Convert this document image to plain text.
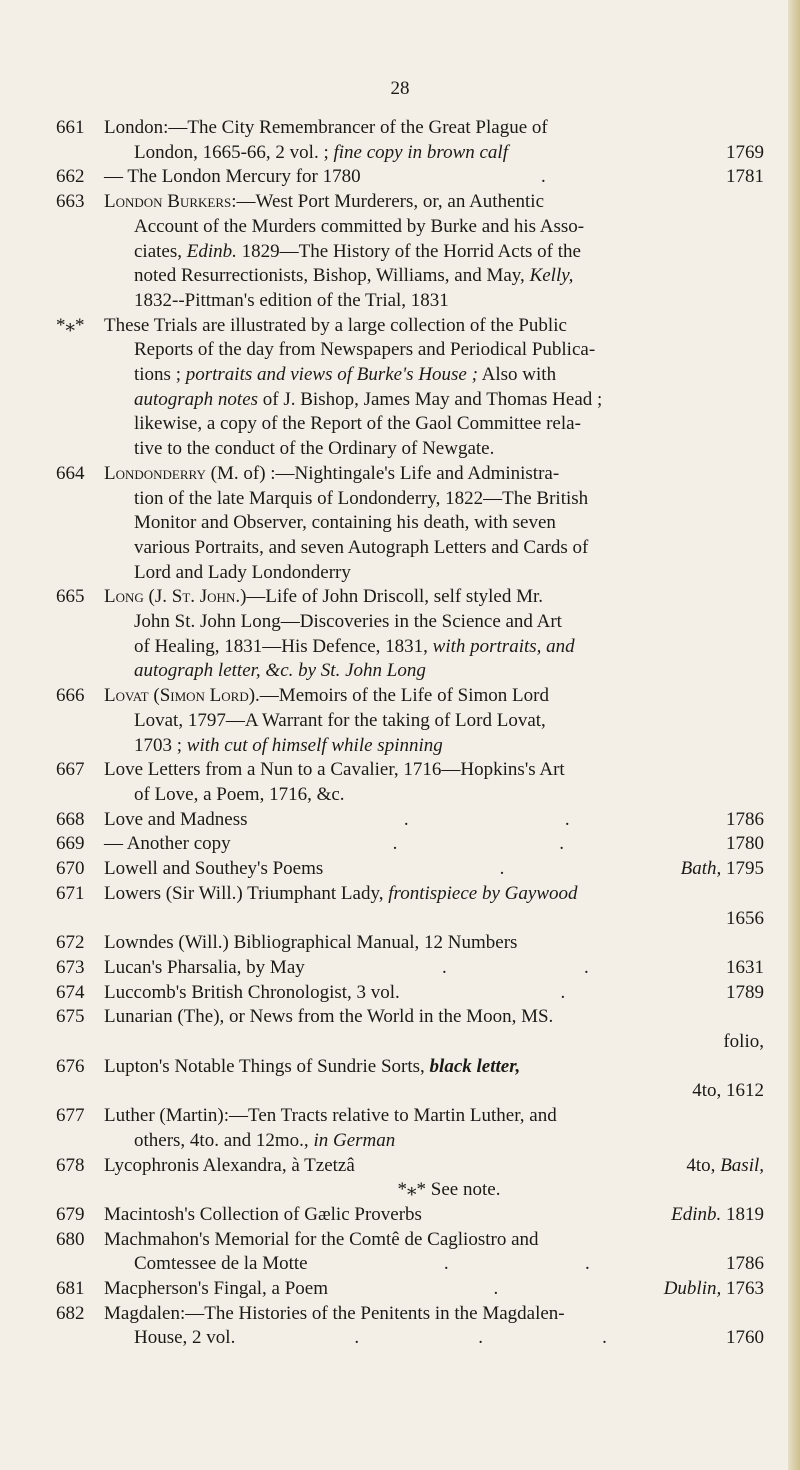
28
661 London:—The City Remembrancer of the Great Plague of
London, 1665-66, 2 vol. ; fine copy in brown calf	1769
662 — The London Mercury for 1780	.	1781
663 London Burkers:—West Port Murderers, or, an Authentic
Account of the Murders committed by Burke and his Asso-
ciates, Edinb. 1829—The History of the Horrid Acts of the
noted Resurrectionists, Bishop, Williams, and May, Kelly,
1832--Pittman's edition of the Trial, 1831
*⁎* These Trials are illustrated by a large collection of the Public
Reports of the day from Newspapers and Periodical Publica-
tions ; portraits and views of Burke's House ; Also with
autograph notes of J. Bishop, James May and Thomas Head ;
likewise, a copy of the Report of the Gaol Committee rela-
tive to the conduct of the Ordinary of Newgate.
664 Londonderry (M. of) :—Nightingale's Life and Administra-
tion of the late Marquis of Londonderry, 1822—The British
Monitor and Observer, containing his death, with seven
various Portraits, and seven Autograph Letters and Cards of
Lord and Lady Londonderry
665 Long (J. St. John.)—Life of John Driscoll, self styled Mr.
John St. John Long—Discoveries in the Science and Art
of Healing, 1831—His Defence, 1831, with portraits, and
autograph letter, &c. by St. John Long
666 Lovat (Simon Lord).—Memoirs of the Life of Simon Lord
Lovat, 1797—A Warrant for the taking of Lord Lovat,
1703 ; with cut of himself while spinning
667 Love Letters from a Nun to a Cavalier, 1716—Hopkins's Art
of Love, a Poem, 1716, &c.
668 Love and Madness	.	.	1786
669 — Another copy	.	.	1780
670 Lowell and Southey's Poems	.	Bath, 1795
671 Lowers (Sir Will.) Triumphant Lady, frontispiece by Gaywood
1656
672 Lowndes (Will.) Bibliographical Manual, 12 Numbers
673 Lucan's Pharsalia, by May	.	.	1631
674 Luccomb's British Chronologist, 3 vol.	.	1789
675 Lunarian (The), or News from the World in the Moon, MS.
folio,
676 Lupton's Notable Things of Sundrie Sorts, black letter,
4to, 1612
677 Luther (Martin):—Ten Tracts relative to Martin Luther, and
others, 4to. and 12mo., in German
678 Lycophronis Alexandra, à Tzetzâ	4to, Basil,
*⁎* See note.
679 Macintosh's Collection of Gælic Proverbs	Edinb. 1819
680 Machmahon's Memorial for the Comtê de Cagliostro and
Comtessee de la Motte	.	.	1786
681 Macpherson's Fingal, a Poem	.	Dublin, 1763
682 Magdalen:—The Histories of the Penitents in the Magdalen-
House, 2 vol.	.	.	.	1760
